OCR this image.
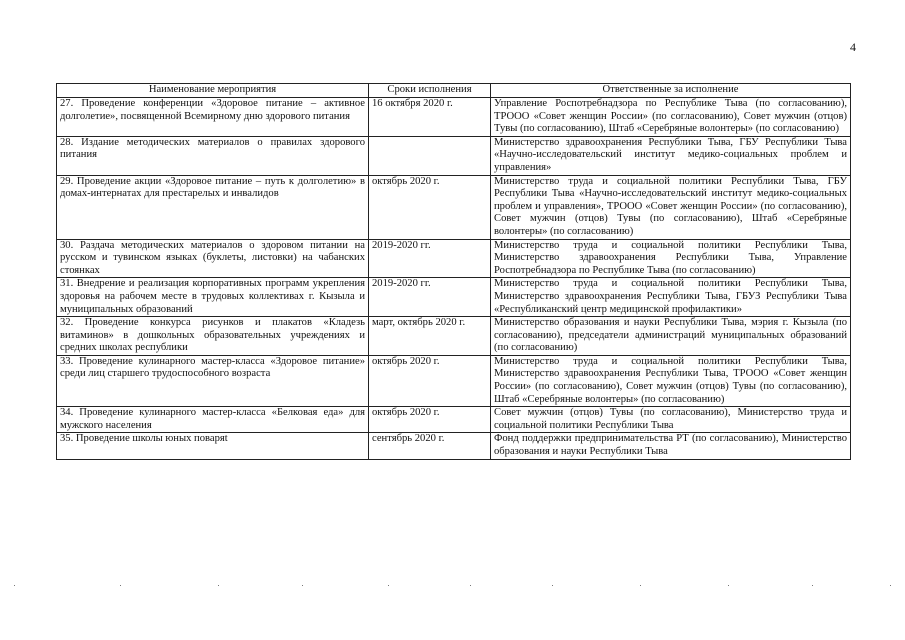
4
Наименование мероприятия	Сроки исполнения	Ответственные за исполнение
27. Проведение конференции «Здоровое питание – активное долголетие», посвященной Всемирному дню здорового питания	16 октября 2020 г.	Управление Роспотребнадзора по Республике Тыва (по согласованию), ТРООО «Совет женщин России» (по согласованию), Совет мужчин (отцов) Тувы (по согласованию), Штаб «Серебряные волонтеры» (по согласованию)
28. Издание методических материалов о правилах здорового питания		Министерство здравоохранения Республики Тыва, ГБУ Республики Тыва «Научно-исследовательский институт медико-социальных проблем и управления»
29. Проведение акции «Здоровое питание – путь к долголетию» в домах-интернатах для престарелых и инвалидов	октябрь 2020 г.	Министерство труда и социальной политики Республики Тыва, ГБУ Республики Тыва «Научно-исследовательский институт медико-социальных проблем и управления», ТРООО «Совет женщин России» (по согласованию), Совет мужчин (отцов) Тувы (по согласованию), Штаб «Серебряные волонтеры» (по согласованию)
30. Раздача методических материалов о здоровом питании на русском и тувинском языках (буклеты, листовки) на чабанских стоянках	2019-2020 гг.	Министерство труда и социальной политики Республики Тыва, Министерство здравоохранения Республики Тыва, Управление Роспотребнадзора по Республике Тыва (по согласованию)
31. Внедрение и реализация корпоративных программ укрепления здоровья на рабочем месте в трудовых коллективах г. Кызыла и муниципальных образований	2019-2020 гг.	Министерство труда и социальной политики Республики Тыва, Министерство здравоохранения Республики Тыва, ГБУЗ Республики Тыва «Республиканский центр медицинской профилактики»
32. Проведение конкурса рисунков и плакатов «Кладезь витаминов» в дошкольных образовательных учреждениях и средних школах республики	март, октябрь 2020 г.	Министерство образования и науки Республики Тыва, мэрия г. Кызыла (по согласованию), председатели администраций муниципальных образований (по согласованию)
33. Проведение кулинарного мастер-класса «Здоровое питание» среди лиц старшего трудоспособного возраста	октябрь 2020 г.	Министерство труда и социальной политики Республики Тыва, Министерство здравоохранения Республики Тыва, ТРООО «Совет женщин России» (по согласованию), Совет мужчин (отцов) Тувы (по согласованию), Штаб «Серебряные волонтеры» (по согласованию)
34. Проведение кулинарного мастер-класса «Белковая еда» для мужского населения	октябрь 2020 г.	Совет мужчин (отцов) Тувы (по согласованию), Министерство труда и социальной политики Республики Тыва
35. Проведение школы юных поваряt	сентябрь 2020 г.	Фонд поддержки предпринимательства РТ (по согласованию), Министерство образования и науки Республики Тыва
